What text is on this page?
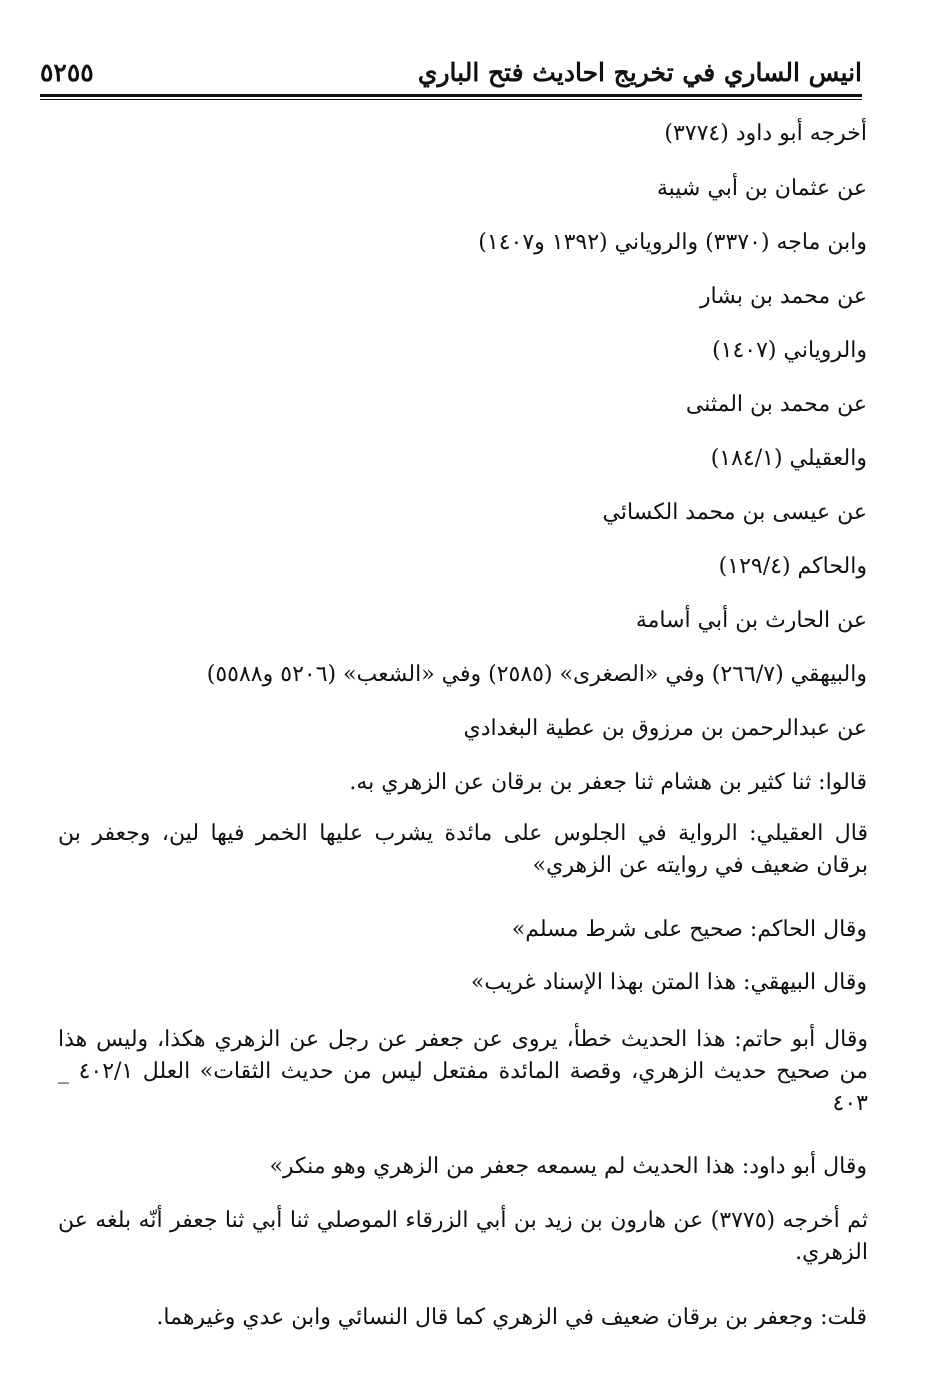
انيس الساري في تخريج احاديث فتح الباري
٥٢٥٥
أخرجه أبو داود (٣٧٧٤)
عن عثمان بن أبي شيبة
وابن ماجه (٣٣٧٠) والروياني (١٣٩٢ و١٤٠٧)
عن محمد بن بشار
والروياني (١٤٠٧)
عن محمد بن المثنى
والعقيلي (١٨٤/١)
عن عيسى بن محمد الكسائي
والحاكم (١٢٩/٤)
عن الحارث بن أبي أسامة
والبيهقي (٢٦٦/٧) وفي «الصغرى» (٢٥٨٥) وفي «الشعب» (٥٢٠٦ و٥٥٨٨)
عن عبدالرحمن بن مرزوق بن عطية البغدادي
قالوا: ثنا كثير بن هشام ثنا جعفر بن برقان عن الزهري به.
قال العقيلي: الرواية في الجلوس على مائدة يشرب عليها الخمر فيها لين، وجعفر بن برقان ضعيف في روايته عن الزهري»
وقال الحاكم: صحيح على شرط مسلم»
وقال البيهقي: هذا المتن بهذا الإسناد غريب»
وقال أبو حاتم: هذا الحديث خطأ، يروى عن جعفر عن رجل عن الزهري هكذا، وليس هذا من صحيح حديث الزهري، وقصة المائدة مفتعل ليس من حديث الثقات» العلل ٤٠٢/١ _ ٤٠٣
وقال أبو داود: هذا الحديث لم يسمعه جعفر من الزهري وهو منكر»
ثم أخرجه (٣٧٧٥) عن هارون بن زيد بن أبي الزرقاء الموصلي ثنا أبي ثنا جعفر أنّه بلغه عن الزهري.
قلت: وجعفر بن برقان ضعيف في الزهري كما قال النسائي وابن عدي وغيرهما.
